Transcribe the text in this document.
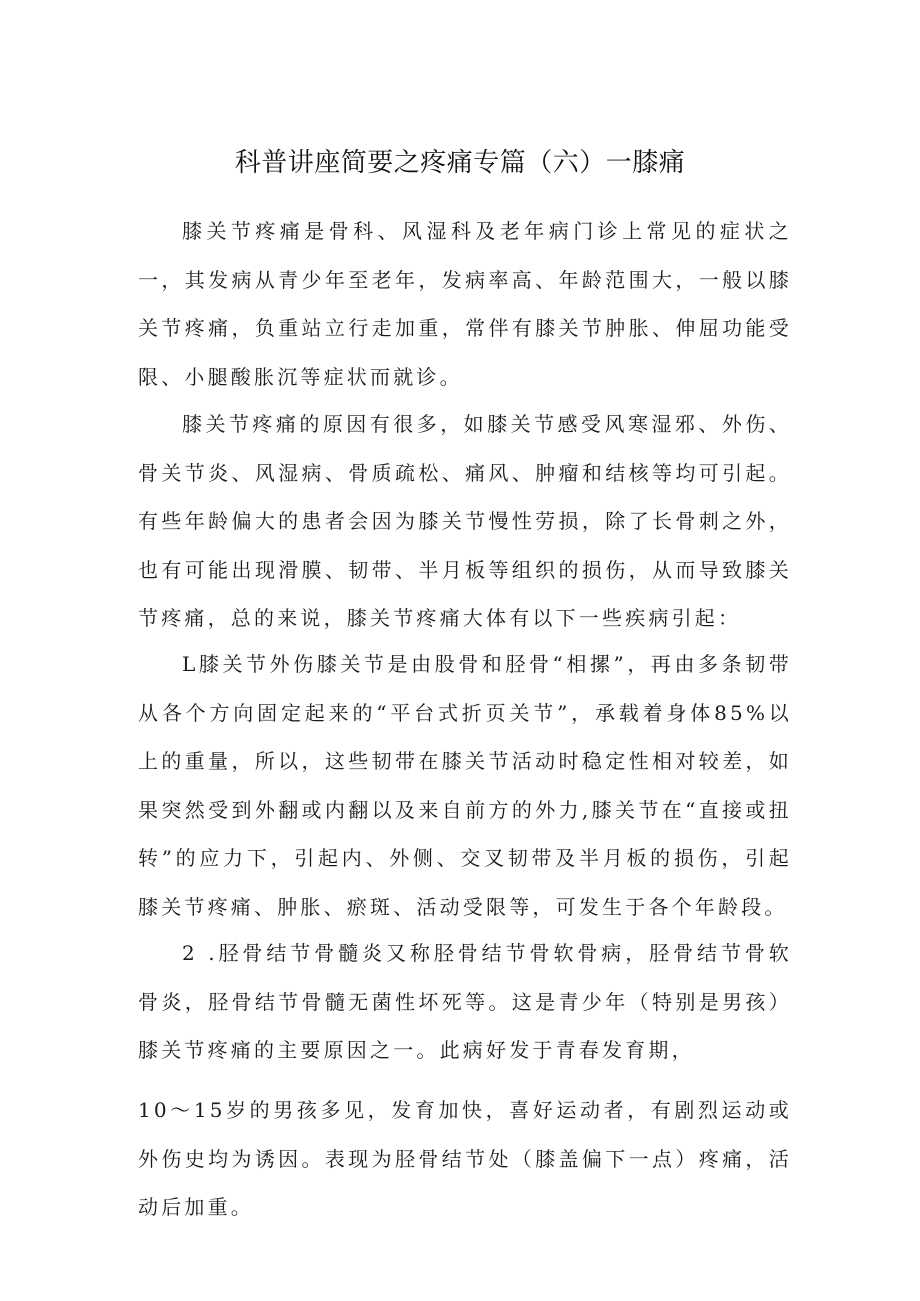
科普讲座简要之疼痛专篇（六）一膝痛

膝关节疼痛是骨科、风湿科及老年病门诊上常见的症状之一，其发病从青少年至老年，发病率高、年龄范围大，一般以膝关节疼痛，负重站立行走加重，常伴有膝关节肿胀、伸屈功能受限、小腿酸胀沉等症状而就诊。

膝关节疼痛的原因有很多，如膝关节感受风寒湿邪、外伤、骨关节炎、风湿病、骨质疏松、痛风、肿瘤和结核等均可引起。有些年龄偏大的患者会因为膝关节慢性劳损，除了长骨刺之外，也有可能出现滑膜、韧带、半月板等组织的损伤，从而导致膝关节疼痛，总的来说，膝关节疼痛大体有以下一些疾病引起：

L膝关节外伤膝关节是由股骨和胫骨“相摞”，再由多条韧带从各个方向固定起来的“平台式折页关节”，承载着身体85%以上的重量，所以，这些韧带在膝关节活动时稳定性相对较差，如果突然受到外翻或内翻以及来自前方的外力,膝关节在“直接或扭转”的应力下，引起内、外侧、交叉韧带及半月板的损伤，引起膝关节疼痛、肿胀、瘀斑、活动受限等，可发生于各个年龄段。

2 .胫骨结节骨髓炎又称胫骨结节骨软骨病，胫骨结节骨软骨炎，胫骨结节骨髓无菌性坏死等。这是青少年（特别是男孩）膝关节疼痛的主要原因之一。此病好发于青春发育期，

10〜15岁的男孩多见，发育加快，喜好运动者，有剧烈运动或外伤史均为诱因。表现为胫骨结节处（膝盖偏下一点）疼痛，活动后加重。
